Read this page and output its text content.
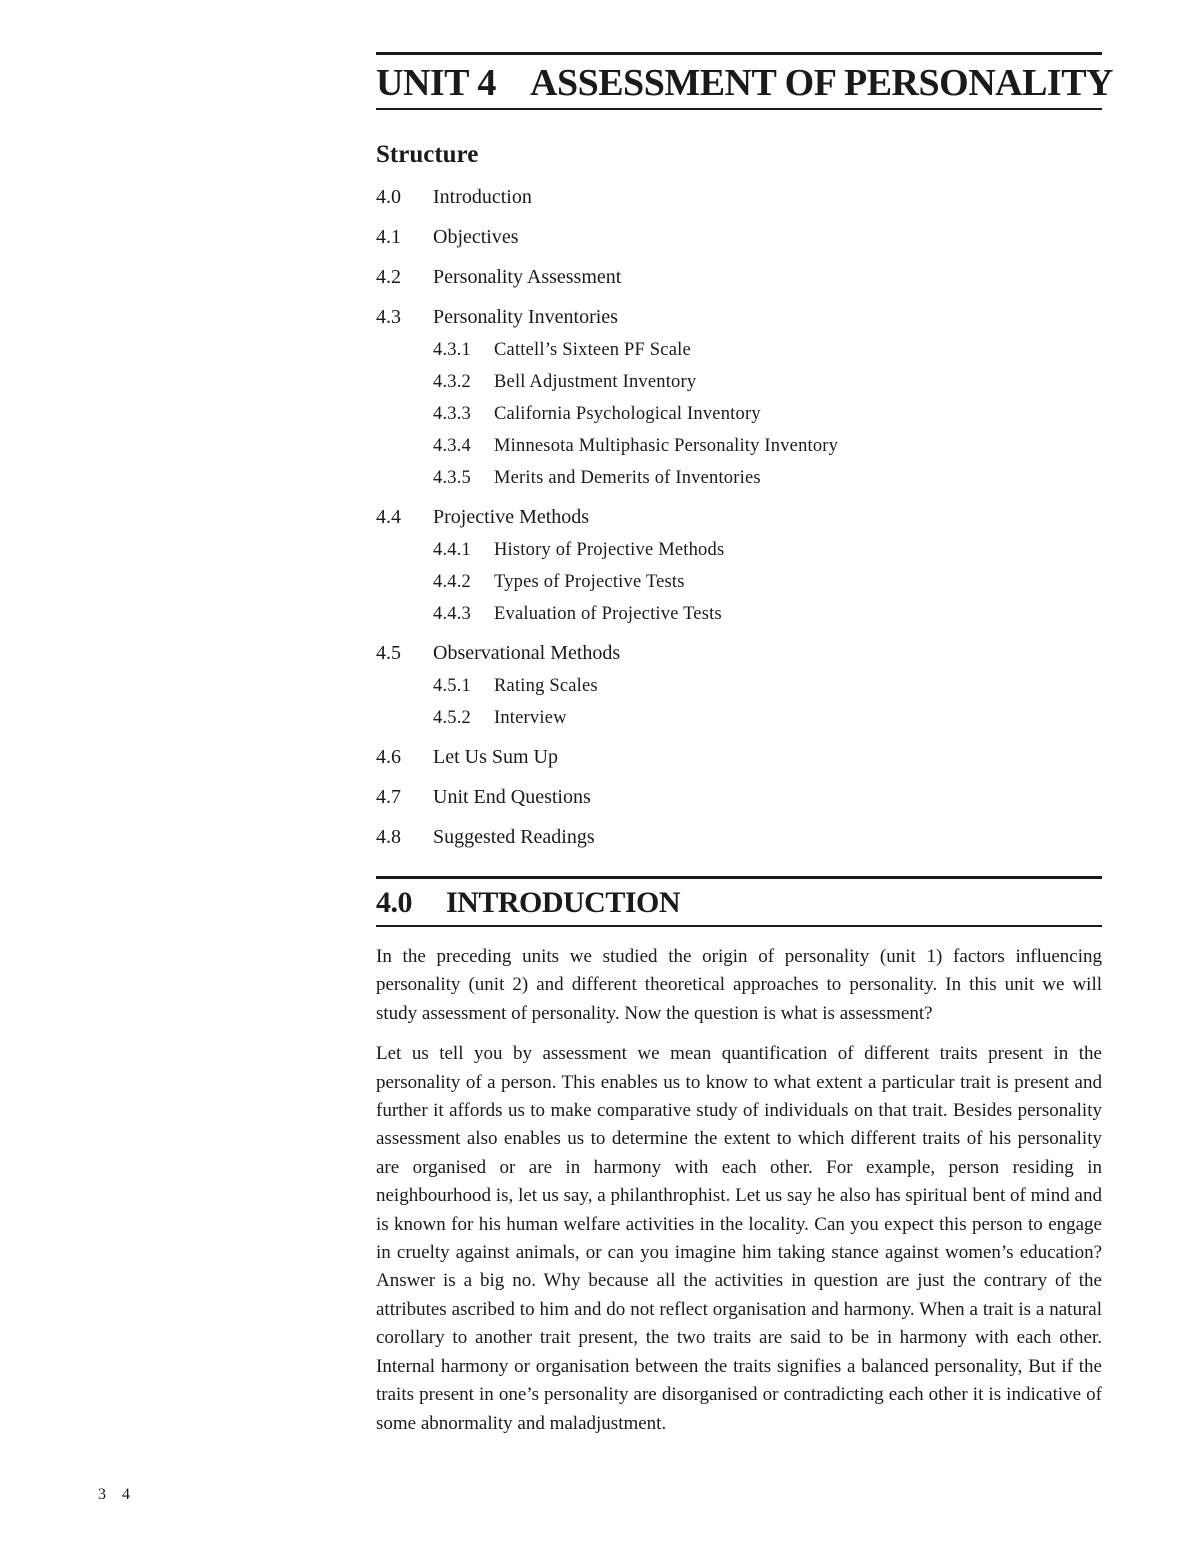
UNIT 4 ASSESSMENT OF PERSONALITY
Structure
4.0 Introduction
4.1 Objectives
4.2 Personality Assessment
4.3 Personality Inventories
4.3.1 Cattell’s Sixteen PF Scale
4.3.2 Bell Adjustment Inventory
4.3.3 California Psychological Inventory
4.3.4 Minnesota Multiphasic Personality Inventory
4.3.5 Merits and Demerits of Inventories
4.4 Projective Methods
4.4.1 History of Projective Methods
4.4.2 Types of Projective Tests
4.4.3 Evaluation of Projective Tests
4.5 Observational Methods
4.5.1 Rating Scales
4.5.2 Interview
4.6 Let Us Sum Up
4.7 Unit End Questions
4.8 Suggested Readings
4.0 INTRODUCTION

In the preceding units we studied the origin of personality (unit 1) factors influencing personality (unit 2) and different theoretical approaches to personality. In this unit we will study assessment of personality. Now the question is what is assessment?

Let us tell you by assessment we mean quantification of different traits present in the personality of a person. This enables us to know to what extent a particular trait is present and further it affords us to make comparative study of individuals on that trait. Besides personality assessment also enables us to determine the extent to which different traits of his personality are organised or are in harmony with each other. For example, person residing in neighbourhood is, let us say, a philanthrophist. Let us say he also has spiritual bent of mind and is known for his human welfare activities in the locality. Can you expect this person to engage in cruelty against animals, or can you imagine him taking stance against women’s education? Answer is a big no. Why because all the activities in question are just the contrary of the attributes ascribed to him and do not reflect organisation and harmony. When a trait is a natural corollary to another trait present, the two traits are said to be in harmony with each other. Internal harmony or organisation between the traits signifies a balanced personality, But if the traits present in one’s personality are disorganised or contradicting each other it is indicative of some abnormality and maladjustment.

3 4
